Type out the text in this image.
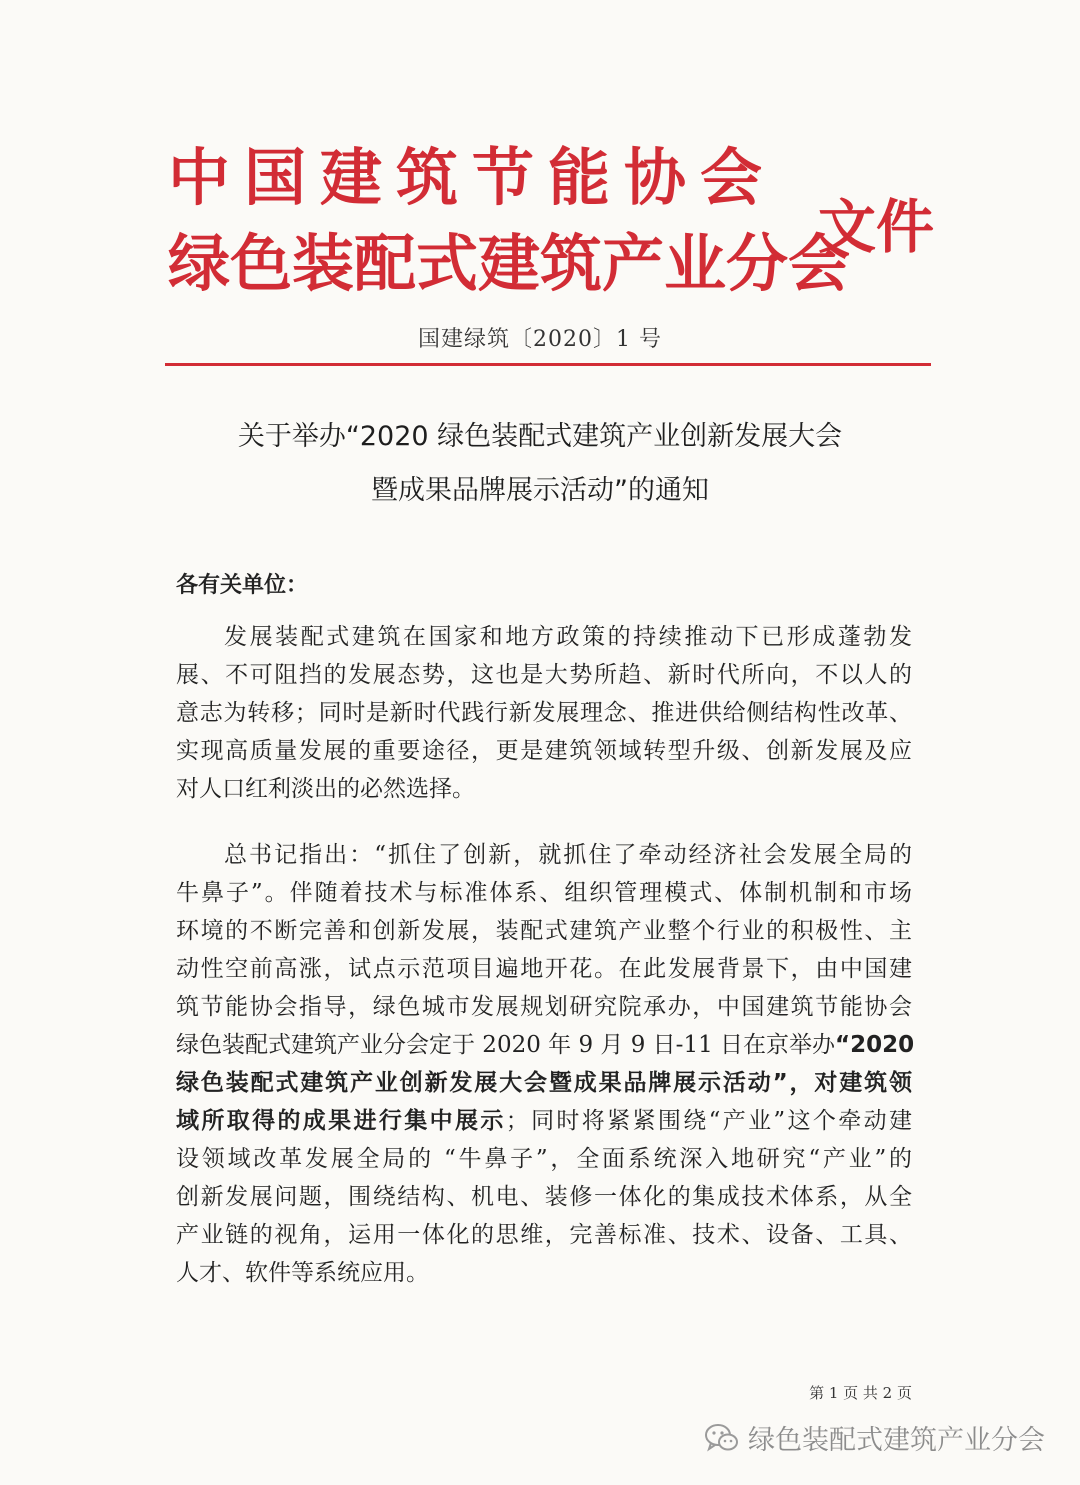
中国建筑节能协会
绿色装配式建筑产业分会
文件
国建绿筑〔2020〕1 号
关于举办“2020 绿色装配式建筑产业创新发展大会
暨成果品牌展示活动”的通知
各有关单位：
发展装配式建筑在国家和地方政策的持续推动下已形成蓬勃发
展、不可阻挡的发展态势，这也是大势所趋、新时代所向，不以人的
意志为转移；同时是新时代践行新发展理念、推进供给侧结构性改革、
实现高质量发展的重要途径，更是建筑领域转型升级、创新发展及应
对人口红利淡出的必然选择。
总书记指出：“抓住了创新，就抓住了牵动经济社会发展全局的
牛鼻子”。伴随着技术与标准体系、组织管理模式、体制机制和市场
环境的不断完善和创新发展，装配式建筑产业整个行业的积极性、主
动性空前高涨，试点示范项目遍地开花。在此发展背景下，由中国建
筑节能协会指导，绿色城市发展规划研究院承办，中国建筑节能协会
绿色装配式建筑产业分会定于 2020 年 9 月 9 日-11 日在京举办“2020
绿色装配式建筑产业创新发展大会暨成果品牌展示活动”，对建筑领
域所取得的成果进行集中展示；同时将紧紧围绕“产业”这个牵动建
设领域改革发展全局的 “牛鼻子”，全面系统深入地研究“产业”的
创新发展问题，围绕结构、机电、装修一体化的集成技术体系，从全
产业链的视角，运用一体化的思维，完善标准、技术、设备、工具、
人才、软件等系统应用。
第 1 页 共 2 页
绿色装配式建筑产业分会
